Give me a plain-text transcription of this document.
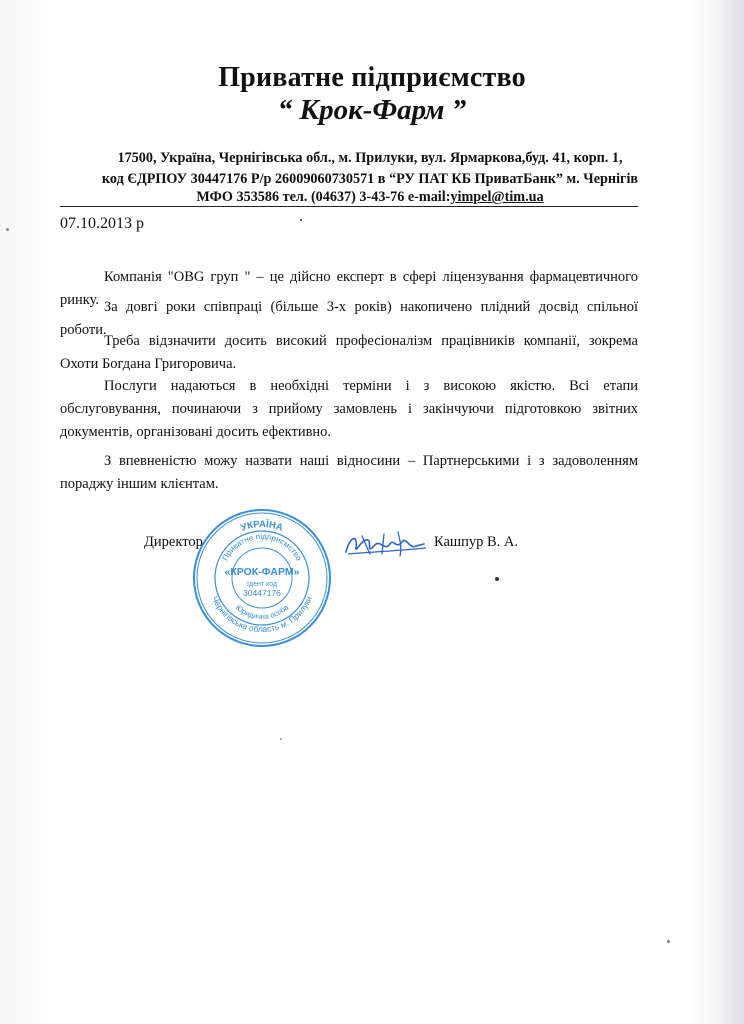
Приватне підприємство
“ Крок-Фарм ”
17500, Україна, Чернігівська обл., м. Прилуки, вул. Ярмаркова,буд. 41, корп. 1,
код ЄДРПОУ 30447176 Р/р 26009060730571 в “РУ ПАТ КБ ПриватБанк” м. Чернігів
МФО 353586 тел. (04637) 3-43-76 e-mail:yimpel@tim.ua
07.10.2013 р
Компанія "OBG груп " – це дійсно експерт в сфері ліцензування фармацевтичного ринку. За довгі роки співпраці (більше 3-х років) накопичено плідний досвід спільної роботи.
Треба відзначити досить високий професіоналізм працівників компанії, зокрема Охоти Богдана Григоровича.
Послуги надаються в необхідні терміни і з високою якістю. Всі етапи обслуговування, починаючи з прийому замовлень і закінчуючи підготовкою звітних документів, організовані досить ефективно.
З впевненістю можу назвати наші відносини – Партнерськими і з задоволенням пораджу іншим клієнтам.
Директор	Кашпур В. А.
УКРАЇНА
Приватне підприємство
Чернігівська область м. Прилуки
Юридична особа
«КРОК-ФАРМ»
Ідент код
30447176
